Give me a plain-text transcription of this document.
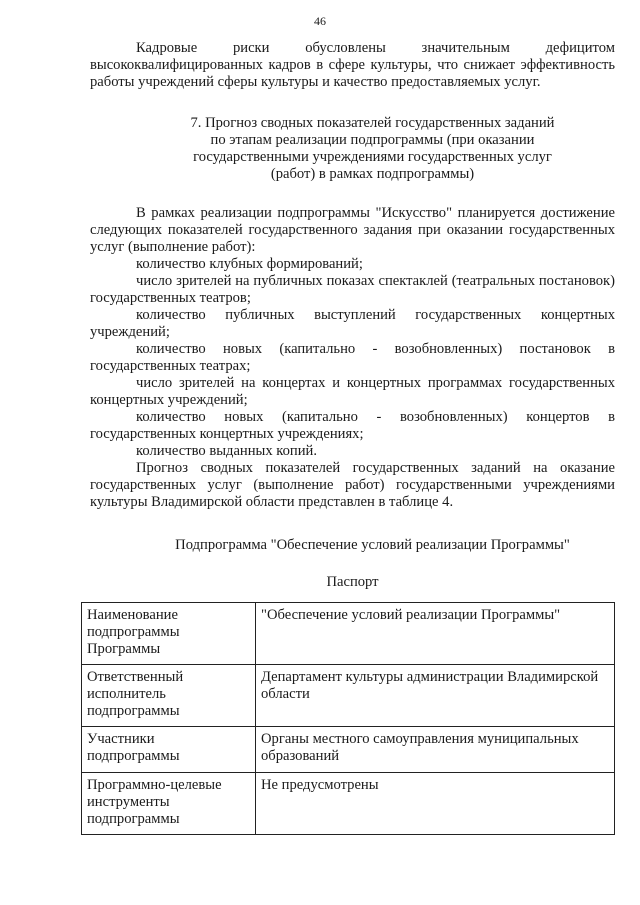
46

Кадровые риски обусловлены значительным дефицитом высококвалифицированных кадров в сфере культуры, что снижает эффективность работы учреждений сферы культуры и качество предоставляемых услуг.

7. Прогноз сводных показателей государственных заданий
по этапам реализации подпрограммы (при оказании
государственными учреждениями государственных услуг
(работ) в рамках подпрограммы)

В рамках реализации подпрограммы "Искусство" планируется достижение следующих показателей государственного задания при оказании государственных услуг (выполнение работ):

количество клубных формирований;

число зрителей на публичных показах спектаклей (театральных постановок) государственных театров;

количество публичных выступлений государственных концертных учреждений;

количество новых (капитально - возобновленных) постановок в государственных театрах;

число зрителей на концертах и концертных программах государственных концертных учреждений;

количество новых (капитально - возобновленных) концертов в государственных концертных учреждениях;

количество выданных копий.

Прогноз сводных показателей государственных заданий на оказание государственных услуг (выполнение работ) государственными учреждениями культуры Владимирской области представлен в таблице 4.

Подпрограмма "Обеспечение условий реализации Программы"

Паспорт

Наименование подпрограммы Программы	"Обеспечение условий реализации Программы"
Ответственный исполнитель подпрограммы	Департамент культуры администрации Владимирской области
Участники подпрограммы	Органы местного самоуправления муниципальных образований
Программно-целевые инструменты подпрограммы	Не предусмотрены
